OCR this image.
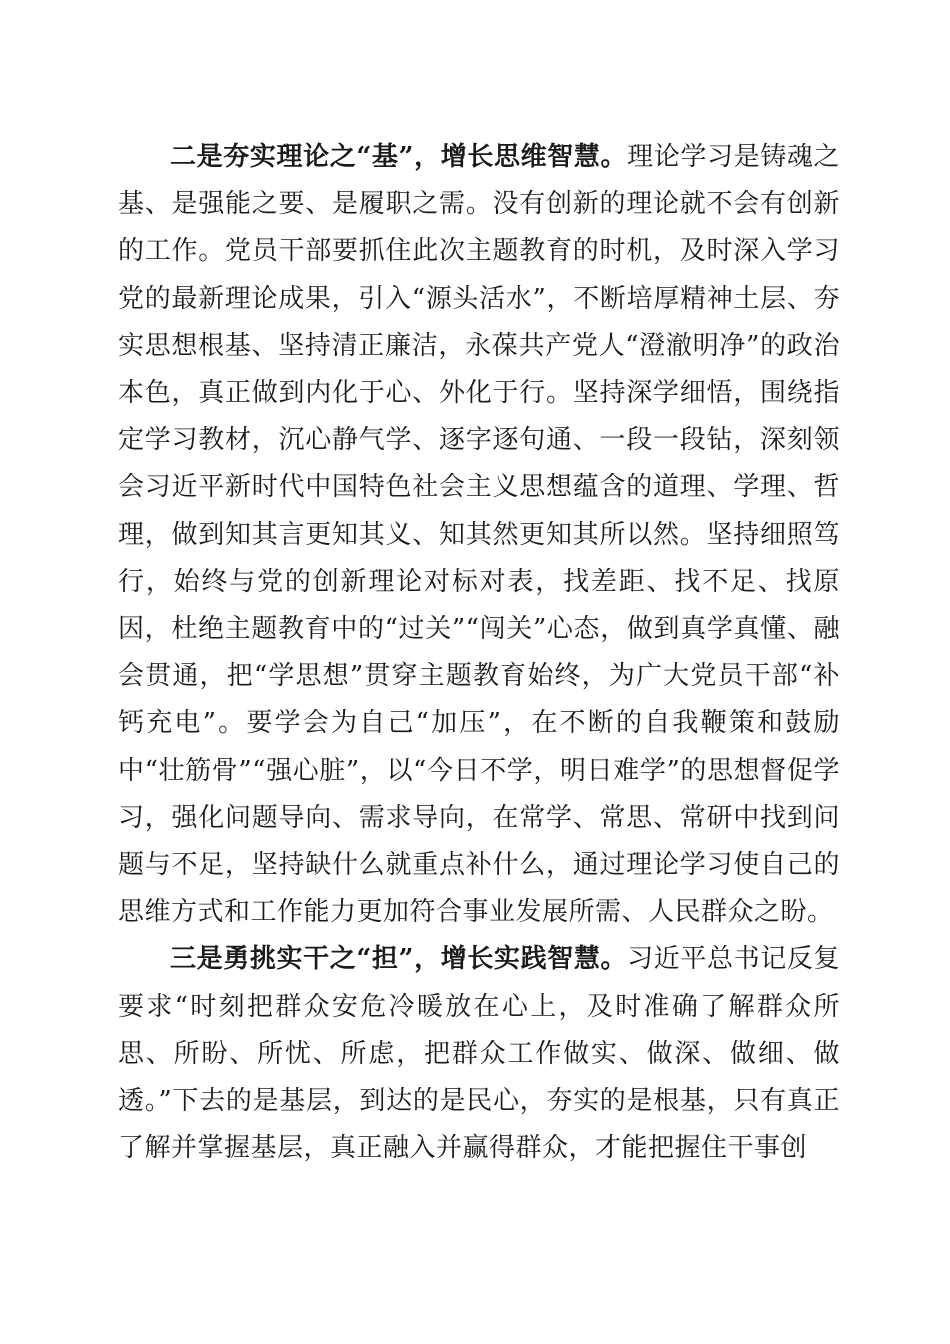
二是夯实理论之“基”，增长思维智慧。理论学习是铸魂之基、是强能之要、是履职之需。没有创新的理论就不会有创新的工作。党员干部要抓住此次主题教育的时机，及时深入学习党的最新理论成果，引入“源头活水”，不断培厚精神土层、夯实思想根基、坚持清正廉洁，永葆共产党人“澄澈明净”的政治本色，真正做到内化于心、外化于行。坚持深学细悟，围绕指定学习教材，沉心静气学、逐字逐句通、一段一段钻，深刻领会习近平新时代中国特色社会主义思想蕴含的道理、学理、哲理，做到知其言更知其义、知其然更知其所以然。坚持细照笃行，始终与党的创新理论对标对表，找差距、找不足、找原因，杜绝主题教育中的“过关”“闯关”心态，做到真学真懂、融会贯通，把“学思想”贯穿主题教育始终，为广大党员干部“补钙充电”。要学会为自己“加压”，在不断的自我鞭策和鼓励中“壮筋骨”“强心脏”，以“今日不学，明日难学”的思想督促学习，强化问题导向、需求导向，在常学、常思、常研中找到问题与不足，坚持缺什么就重点补什么，通过理论学习使自己的思维方式和工作能力更加符合事业发展所需、人民群众之盼。

三是勇挑实干之“担”，增长实践智慧。习近平总书记反复要求“时刻把群众安危冷暖放在心上，及时准确了解群众所思、所盼、所忧、所虑，把群众工作做实、做深、做细、做透。”下去的是基层，到达的是民心，夯实的是根基，只有真正了解并掌握基层，真正融入并赢得群众，才能把握住干事创
